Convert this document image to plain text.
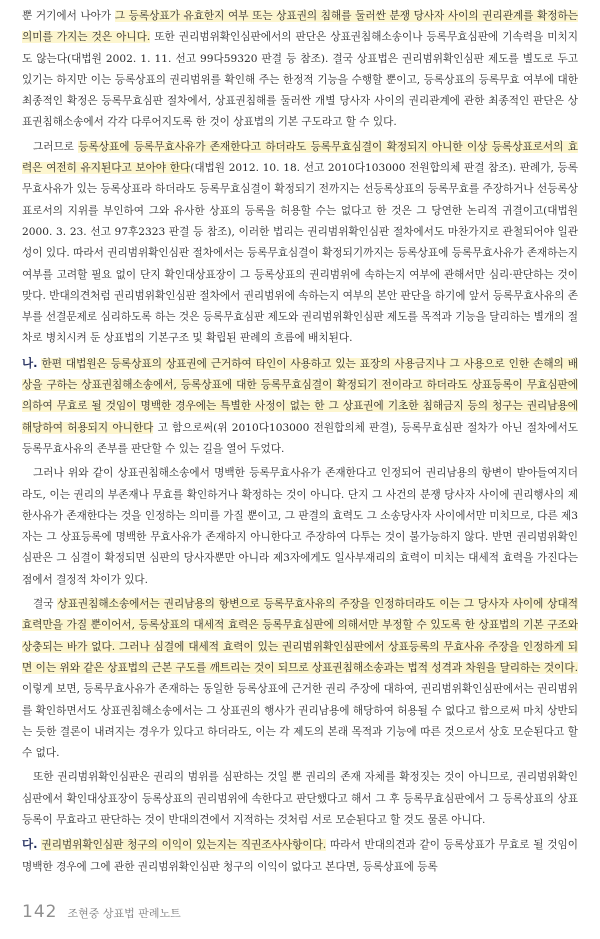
뿐 거기에서 나아가 그 등록상표가 유효한지 여부 또는 상표권의 침해를 둘러싼 분쟁 당사자 사이의 권리관계를 확정하는 의미를 가지는 것은 아니다. 또한 권리범위확인심판에서의 판단은 상표권침해소송이나 등록무효심판에 기속력을 미치지도 않는다(대법원 2002. 1. 11. 선고 99다59320 판결 등 참조). 결국 상표법은 권리범위확인심판 제도를 별도로 두고 있기는 하지만 이는 등록상표의 권리범위를 확인해 주는 한정적 기능을 수행할 뿐이고, 등록상표의 등록무효 여부에 대한 최종적인 확정은 등록무효심판 절차에서, 상표권침해를 둘러싼 개별 당사자 사이의 권리관계에 관한 최종적인 판단은 상표권침해소송에서 각각 다루어지도록 한 것이 상표법의 기본 구도라고 할 수 있다.

그러므로 등록상표에 등록무효사유가 존재한다고 하더라도 등록무효심결이 확정되지 아니한 이상 등록상표로서의 효력은 여전히 유지된다고 보아야 한다(대법원 2012. 10. 18. 선고 2010다103000 전원합의체 판결 참조). 판례가, 등록무효사유가 있는 등록상표라 하더라도 등록무효심결이 확정되기 전까지는 선등록상표의 등록무효를 주장하거나 선등록상표로서의 지위를 부인하여 그와 유사한 상표의 등록을 허용할 수는 없다고 한 것은 그 당연한 논리적 귀결이고(대법원 2000. 3. 23. 선고 97후2323 판결 등 참조), 이러한 법리는 권리범위확인심판 절차에서도 마찬가지로 관철되어야 일관성이 있다. 따라서 권리범위확인심판 절차에서는 등록무효심결이 확정되기까지는 등록상표에 등록무효사유가 존재하는지 여부를 고려할 필요 없이 단지 확인대상표장이 그 등록상표의 권리범위에 속하는지 여부에 관해서만 심리·판단하는 것이 맞다. 반대의견처럼 권리범위확인심판 절차에서 권리범위에 속하는지 여부의 본안 판단을 하기에 앞서 등록무효사유의 존부를 선결문제로 심리하도록 하는 것은 등록무효심판 제도와 권리범위확인심판 제도를 목적과 기능을 달리하는 별개의 절차로 병치시켜 둔 상표법의 기본구조 및 확립된 판례의 흐름에 배치된다.

나. 한편 대법원은 등록상표의 상표권에 근거하여 타인이 사용하고 있는 표장의 사용금지나 그 사용으로 인한 손해의 배상을 구하는 상표권침해소송에서, 등록상표에 대한 등록무효심결이 확정되기 전이라고 하더라도 상표등록이 무효심판에 의하여 무효로 될 것임이 명백한 경우에는 특별한 사정이 없는 한 그 상표권에 기초한 침해금지 등의 청구는 권리남용에 해당하여 허용되지 아니한다 고 함으로써(위 2010다103000 전원합의체 판결), 등록무효심판 절차가 아닌 절차에서도 등록무효사유의 존부를 판단할 수 있는 길을 열어 두었다.

그러나 위와 같이 상표권침해소송에서 명백한 등록무효사유가 존재한다고 인정되어 권리남용의 항변이 받아들여지더라도, 이는 권리의 부존재나 무효를 확인하거나 확정하는 것이 아니다. 단지 그 사건의 분쟁 당사자 사이에 권리행사의 제한사유가 존재한다는 것을 인정하는 의미를 가질 뿐이고, 그 판결의 효력도 그 소송당사자 사이에서만 미치므로, 다른 제3자는 그 상표등록에 명백한 무효사유가 존재하지 아니한다고 주장하여 다투는 것이 불가능하지 않다. 반면 권리범위확인심판은 그 심결이 확정되면 심판의 당사자뿐만 아니라 제3자에게도 일사부재리의 효력이 미치는 대세적 효력을 가진다는 점에서 결정적 차이가 있다.

결국 상표권침해소송에서는 권리남용의 항변으로 등록무효사유의 주장을 인정하더라도 이는 그 당사자 사이에 상대적 효력만을 가질 뿐이어서, 등록상표의 대세적 효력은 등록무효심판에 의해서만 부정할 수 있도록 한 상표법의 기본 구조와 상충되는 바가 없다. 그러나 심결에 대세적 효력이 있는 권리범위확인심판에서 상표등록의 무효사유 주장을 인정하게 되면 이는 위와 같은 상표법의 근본 구도를 깨트리는 것이 되므로 상표권침해소송과는 법적 성격과 차원을 달리하는 것이다. 이렇게 보면, 등록무효사유가 존재하는 동일한 등록상표에 근거한 권리 주장에 대하여, 권리범위확인심판에서는 권리범위를 확인하면서도 상표권침해소송에서는 그 상표권의 행사가 권리남용에 해당하여 허용될 수 없다고 함으로써 마치 상반되는 듯한 결론이 내려지는 경우가 있다고 하더라도, 이는 각 제도의 본래 목적과 기능에 따른 것으로서 상호 모순된다고 할 수 없다.

또한 권리범위확인심판은 권리의 범위를 심판하는 것일 뿐 권리의 존재 자체를 확정짓는 것이 아니므로, 권리범위확인심판에서 확인대상표장이 등록상표의 권리범위에 속한다고 판단했다고 해서 그 후 등록무효심판에서 그 등록상표의 상표등록이 무효라고 판단하는 것이 반대의견에서 지적하는 것처럼 서로 모순된다고 할 것도 물론 아니다.

다. 권리범위확인심판 청구의 이익이 있는지는 직권조사사항이다. 따라서 반대의견과 같이 등록상표가 무효로 될 것임이 명백한 경우에 그에 관한 권리범위확인심판 청구의 이익이 없다고 본다면, 등록상표에 등록

142 조현중 상표법 판례노트
